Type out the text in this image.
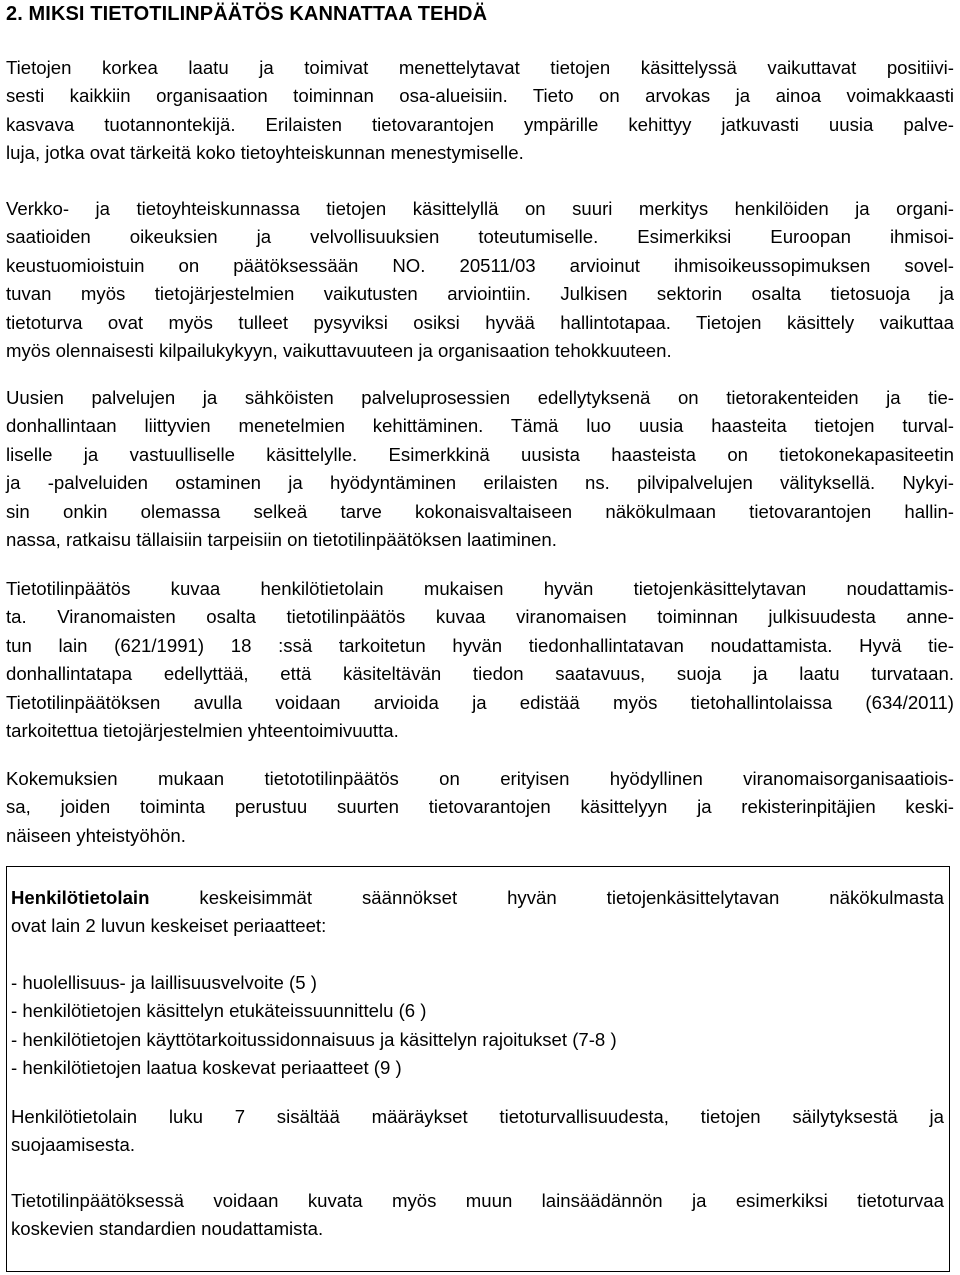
2. MIKSI TIETOTILINPÄÄTÖS KANNATTAA TEHDÄ
Tietojen korkea laatu ja toimivat menettelytavat tietojen käsittelyssä vaikuttavat positiivi-
sesti kaikkiin organisaation toiminnan osa-alueisiin. Tieto on arvokas ja ainoa voimakkaasti
kasvava tuotannontekijä. Erilaisten tietovarantojen ympärille kehittyy jatkuvasti uusia palve-
luja, jotka ovat tärkeitä koko tietoyhteiskunnan menestymiselle.
Verkko- ja tietoyhteiskunnassa tietojen käsittelyllä on suuri merkitys henkilöiden ja organi-
saatioiden oikeuksien ja velvollisuuksien toteutumiselle. Esimerkiksi Euroopan ihmisoi-
keustuomioistuin on päätöksessään NO. 20511/03 arvioinut ihmisoikeussopimuksen sovel-
tuvan myös tietojärjestelmien vaikutusten arviointiin. Julkisen sektorin osalta tietosuoja ja
tietoturva ovat myös tulleet pysyviksi osiksi hyvää hallintotapaa. Tietojen käsittely vaikuttaa
myös olennaisesti kilpailukykyyn, vaikuttavuuteen ja organisaation tehokkuuteen.
Uusien palvelujen ja sähköisten palveluprosessien edellytyksenä on tietorakenteiden ja tie-
donhallintaan liittyvien menetelmien kehittäminen. Tämä luo uusia haasteita tietojen turval-
liselle ja vastuulliselle käsittelylle. Esimerkkinä uusista haasteista on tietokonekapasiteetin
ja -palveluiden ostaminen ja hyödyntäminen erilaisten ns. pilvipalvelujen välityksellä. Nykyi-
sin onkin olemassa selkeä tarve kokonaisvaltaiseen näkökulmaan tietovarantojen hallin-
nassa, ratkaisu tällaisiin tarpeisiin on tietotilinpäätöksen laatiminen.
Tietotilinpäätös kuvaa henkilötietolain mukaisen hyvän tietojenkäsittelytavan noudattamis-
ta. Viranomaisten osalta tietotilinpäätös kuvaa viranomaisen toiminnan julkisuudesta anne-
tun lain (621/1991) 18 :ssä tarkoitetun hyvän tiedonhallintatavan noudattamista. Hyvä tie-
donhallintatapa edellyttää, että käsiteltävän tiedon saatavuus, suoja ja laatu turvataan.
Tietotilinpäätöksen avulla voidaan arvioida ja edistää myös tietohallintolaissa (634/2011)
tarkoitettua tietojärjestelmien yhteentoimivuutta.
Kokemuksien mukaan tietototilinpäätös on erityisen hyödyllinen viranomaisorganisaatiois-
sa, joiden toiminta perustuu suurten tietovarantojen käsittelyyn ja rekisterinpitäjien keski-
näiseen yhteistyöhön.
Henkilötietolain keskeisimmät säännökset hyvän tietojenkäsittelytavan näkökulmasta
ovat lain 2 luvun keskeiset periaatteet:
- huolellisuus- ja laillisuusvelvoite (5 )
- henkilötietojen käsittelyn etukäteissuunnittelu (6 )
- henkilötietojen käyttötarkoitussidonnaisuus ja käsittelyn rajoitukset (7-8 )
- henkilötietojen laatua koskevat periaatteet (9 )
Henkilötietolain luku 7 sisältää määräykset tietoturvallisuudesta, tietojen säilytyksestä ja
suojaamisesta.
Tietotilinpäätöksessä voidaan kuvata myös muun lainsäädännön ja esimerkiksi tietoturvaa
koskevien standardien noudattamista.
